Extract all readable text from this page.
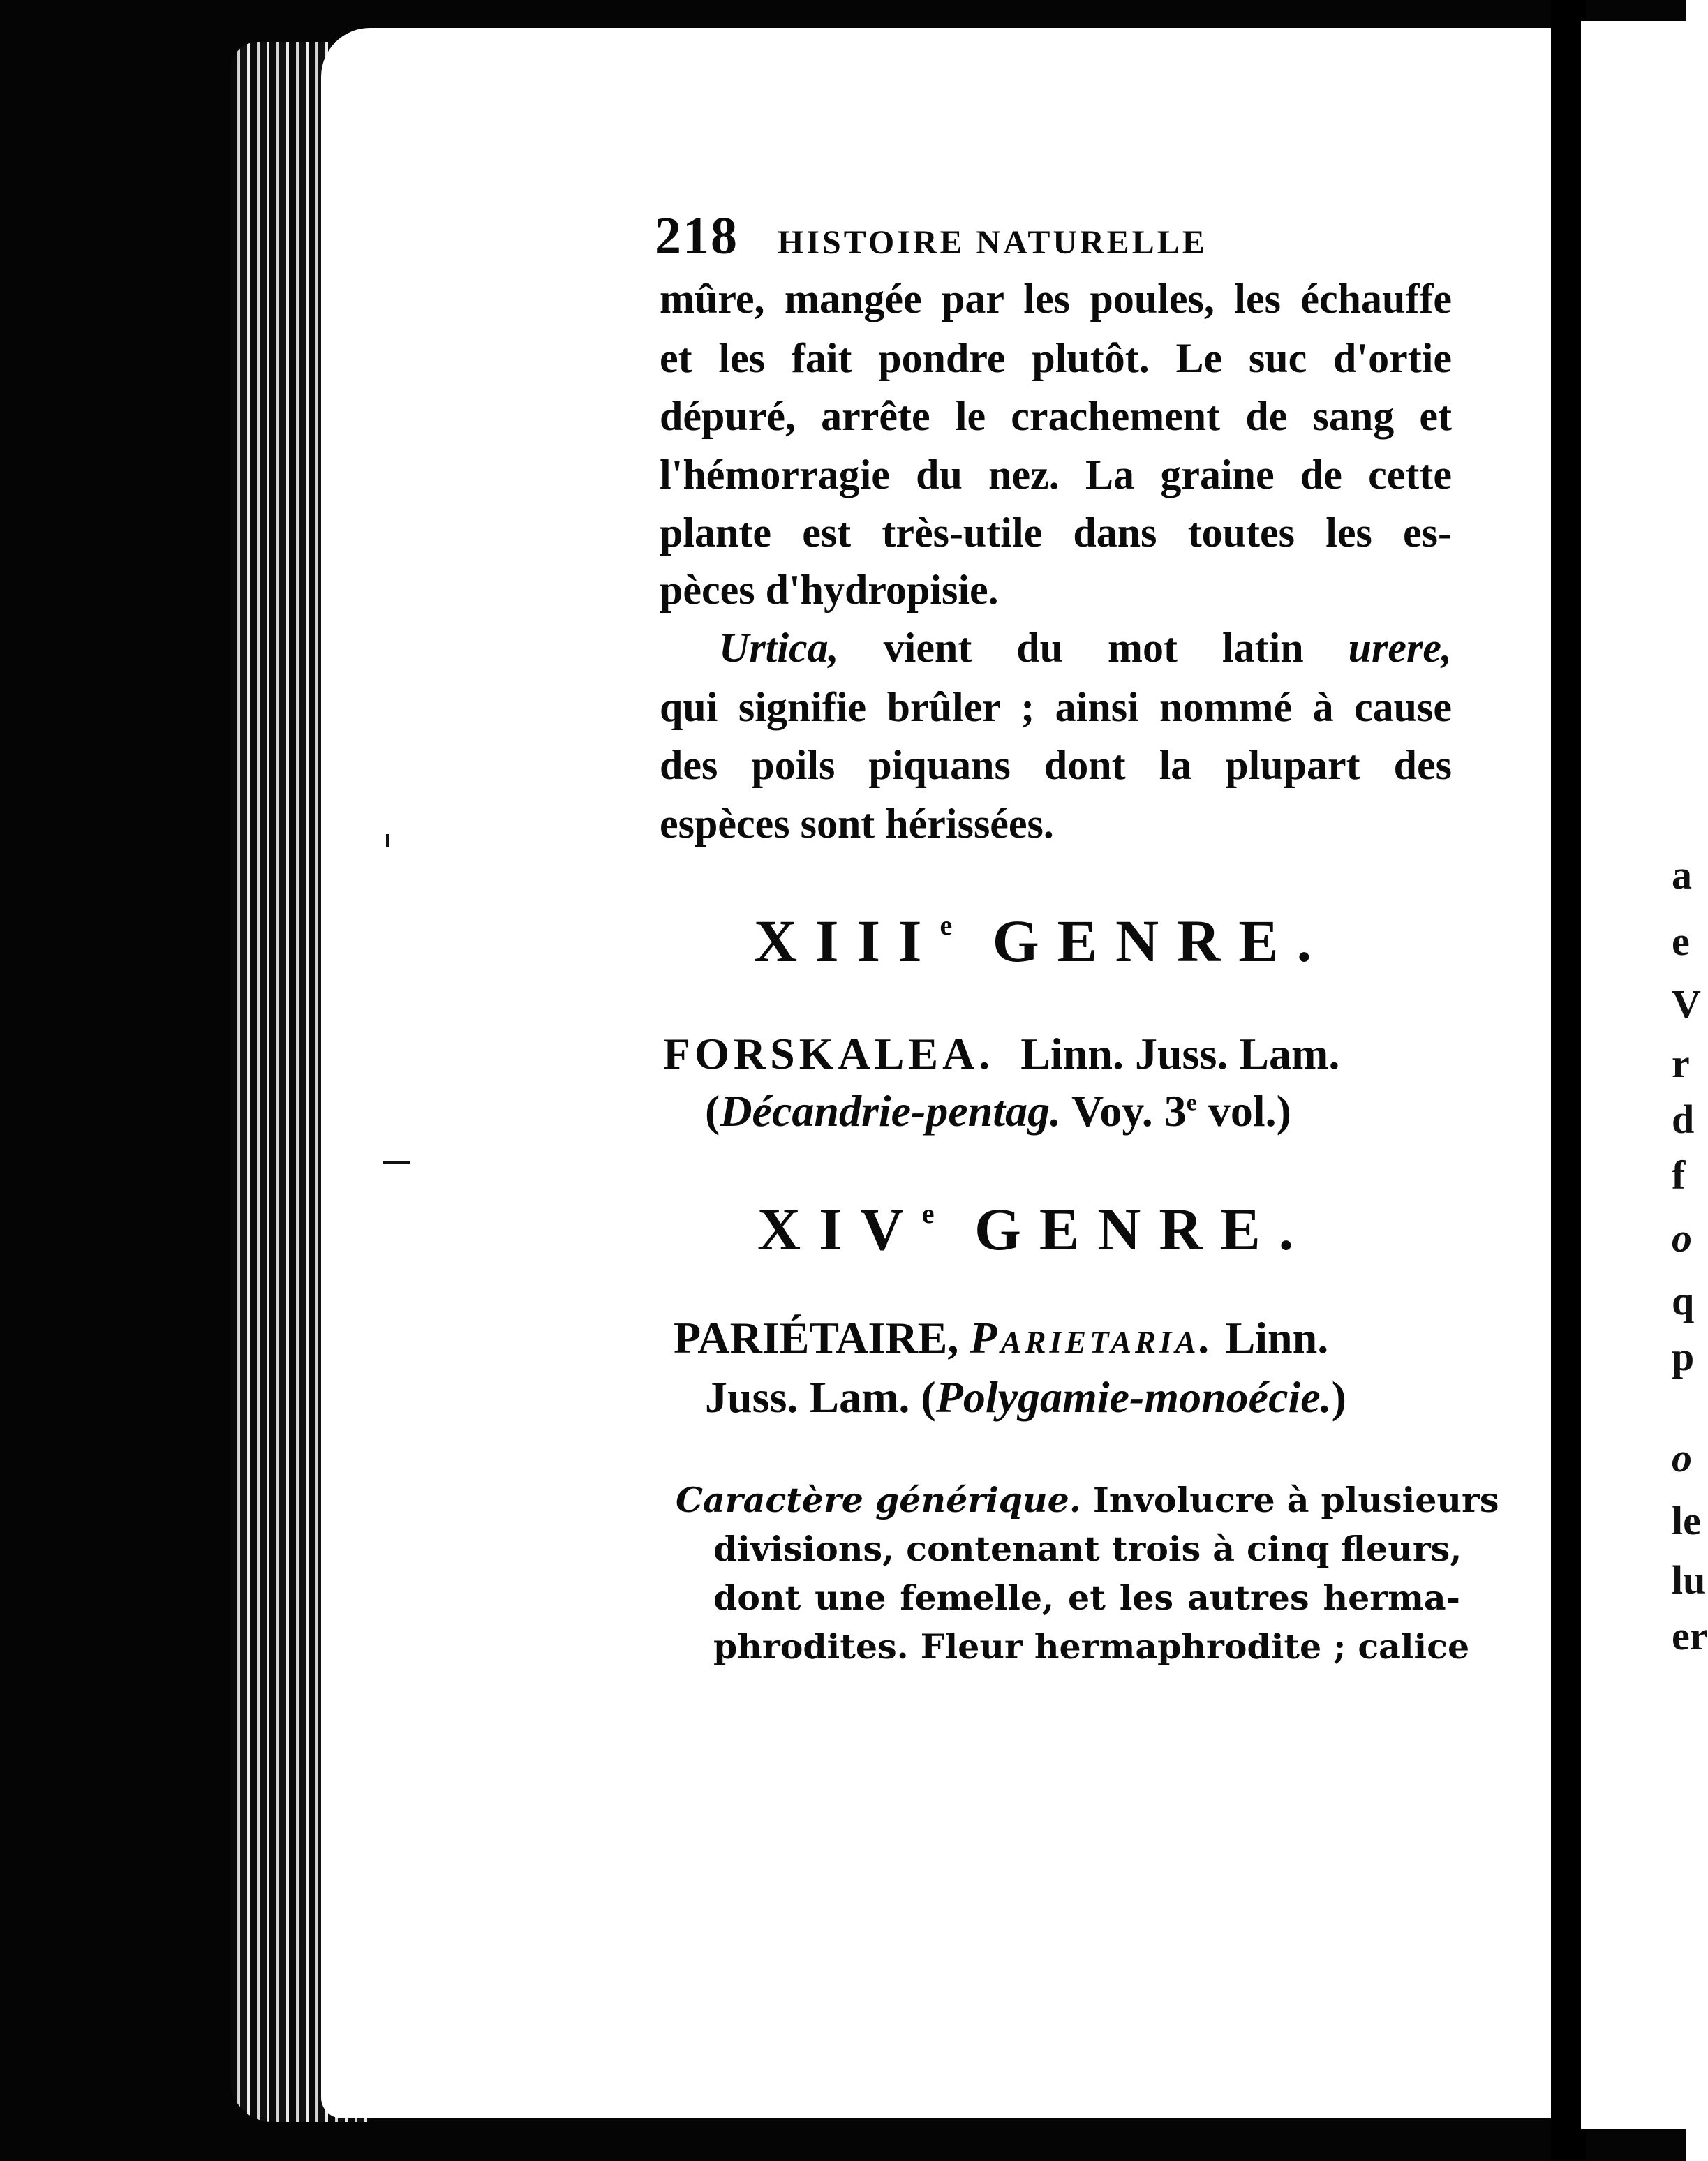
a
e
V
r
d
f
o
q
p
o
le
lu
er
218 HISTOIRE NATURELLE
mûre, mangée par les poules, les échauffe
et les fait pondre plutôt. Le suc d'ortie
dépuré, arrête le crachement de sang et
l'hémorragie du nez. La graine de cette
plante est très-utile dans toutes les es-
pèces d'hydropisie.
Urtica, vient du mot latin urere,
qui signifie brûler ; ainsi nommé à cause
des poils piquans dont la plupart des
espèces sont hérissées.
XIIIe GENRE.
FORSKALEA. Linn. Juss. Lam.
(Décandrie-pentag. Voy. 3e vol.)
XIVe GENRE.
PARIÉTAIRE, Parietaria. Linn.
Juss. Lam. (Polygamie-monoécie.)
Caractère générique. Involucre à plusieurs
divisions, contenant trois à cinq fleurs,
dont une femelle, et les autres herma-
phrodites. Fleur hermaphrodite ; calice
